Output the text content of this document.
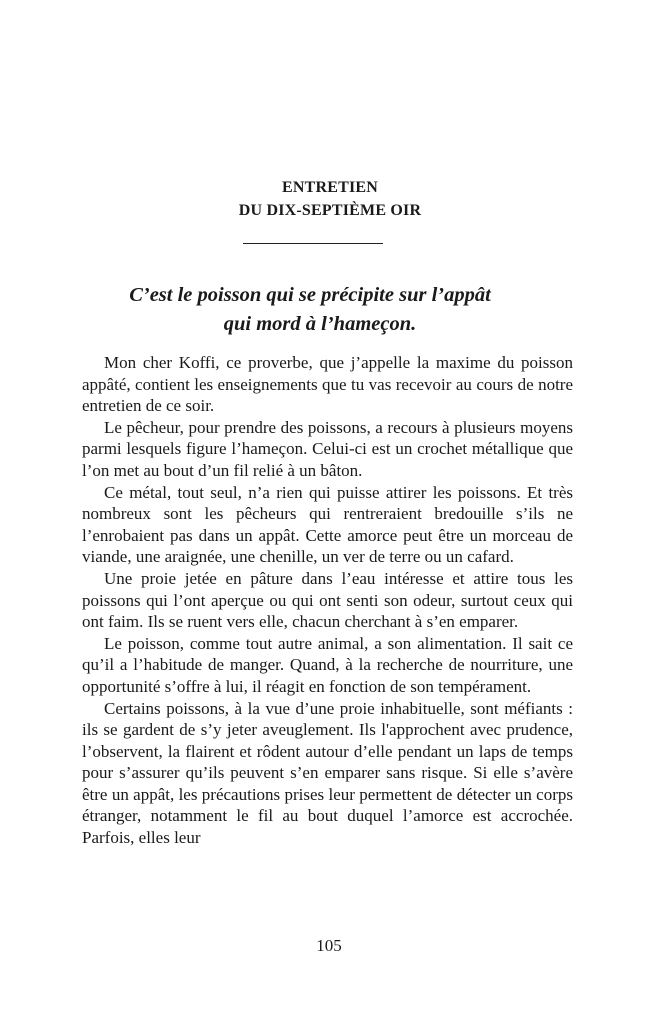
ENTRETIEN
DU DIX-SEPTIÈME OIR
C’est le poisson qui se précipite sur l’appât
qui mord à l’hameçon.

Mon cher Koffi, ce proverbe, que j’appelle la maxime du poisson appâté, contient les enseignements que tu vas recevoir au cours de notre entretien de ce soir.

Le pêcheur, pour prendre des poissons, a recours à plusieurs moyens parmi lesquels figure l’hameçon. Celui-ci est un crochet métallique que l’on met au bout d’un fil relié à un bâton.

Ce métal, tout seul, n’a rien qui puisse attirer les poissons. Et très nombreux sont les pêcheurs qui rentreraient bredouille s’ils ne l’enrobaient pas dans un appât. Cette amorce peut être un morceau de viande, une araignée, une chenille, un ver de terre ou un cafard.

Une proie jetée en pâture dans l’eau intéresse et attire tous les poissons qui l’ont aperçue ou qui ont senti son odeur, surtout ceux qui ont faim. Ils se ruent vers elle, chacun cherchant à s’en emparer.

Le poisson, comme tout autre animal, a son alimentation. Il sait ce qu’il a l’habitude de manger. Quand, à la recherche de nourriture, une opportunité s’offre à lui, il réagit en fonction de son tempérament.

Certains poissons, à la vue d’une proie inhabituelle, sont méfiants : ils se gardent de s’y jeter aveuglement. Ils l'approchent avec prudence, l’observent, la flairent et rôdent autour d’elle pendant un laps de temps pour s’assurer qu’ils peuvent s’en emparer sans risque. Si elle s’avère être un appât, les précautions prises leur permettent de détecter un corps étranger, notamment le fil au bout duquel l’amorce est accrochée. Parfois, elles leur

105
